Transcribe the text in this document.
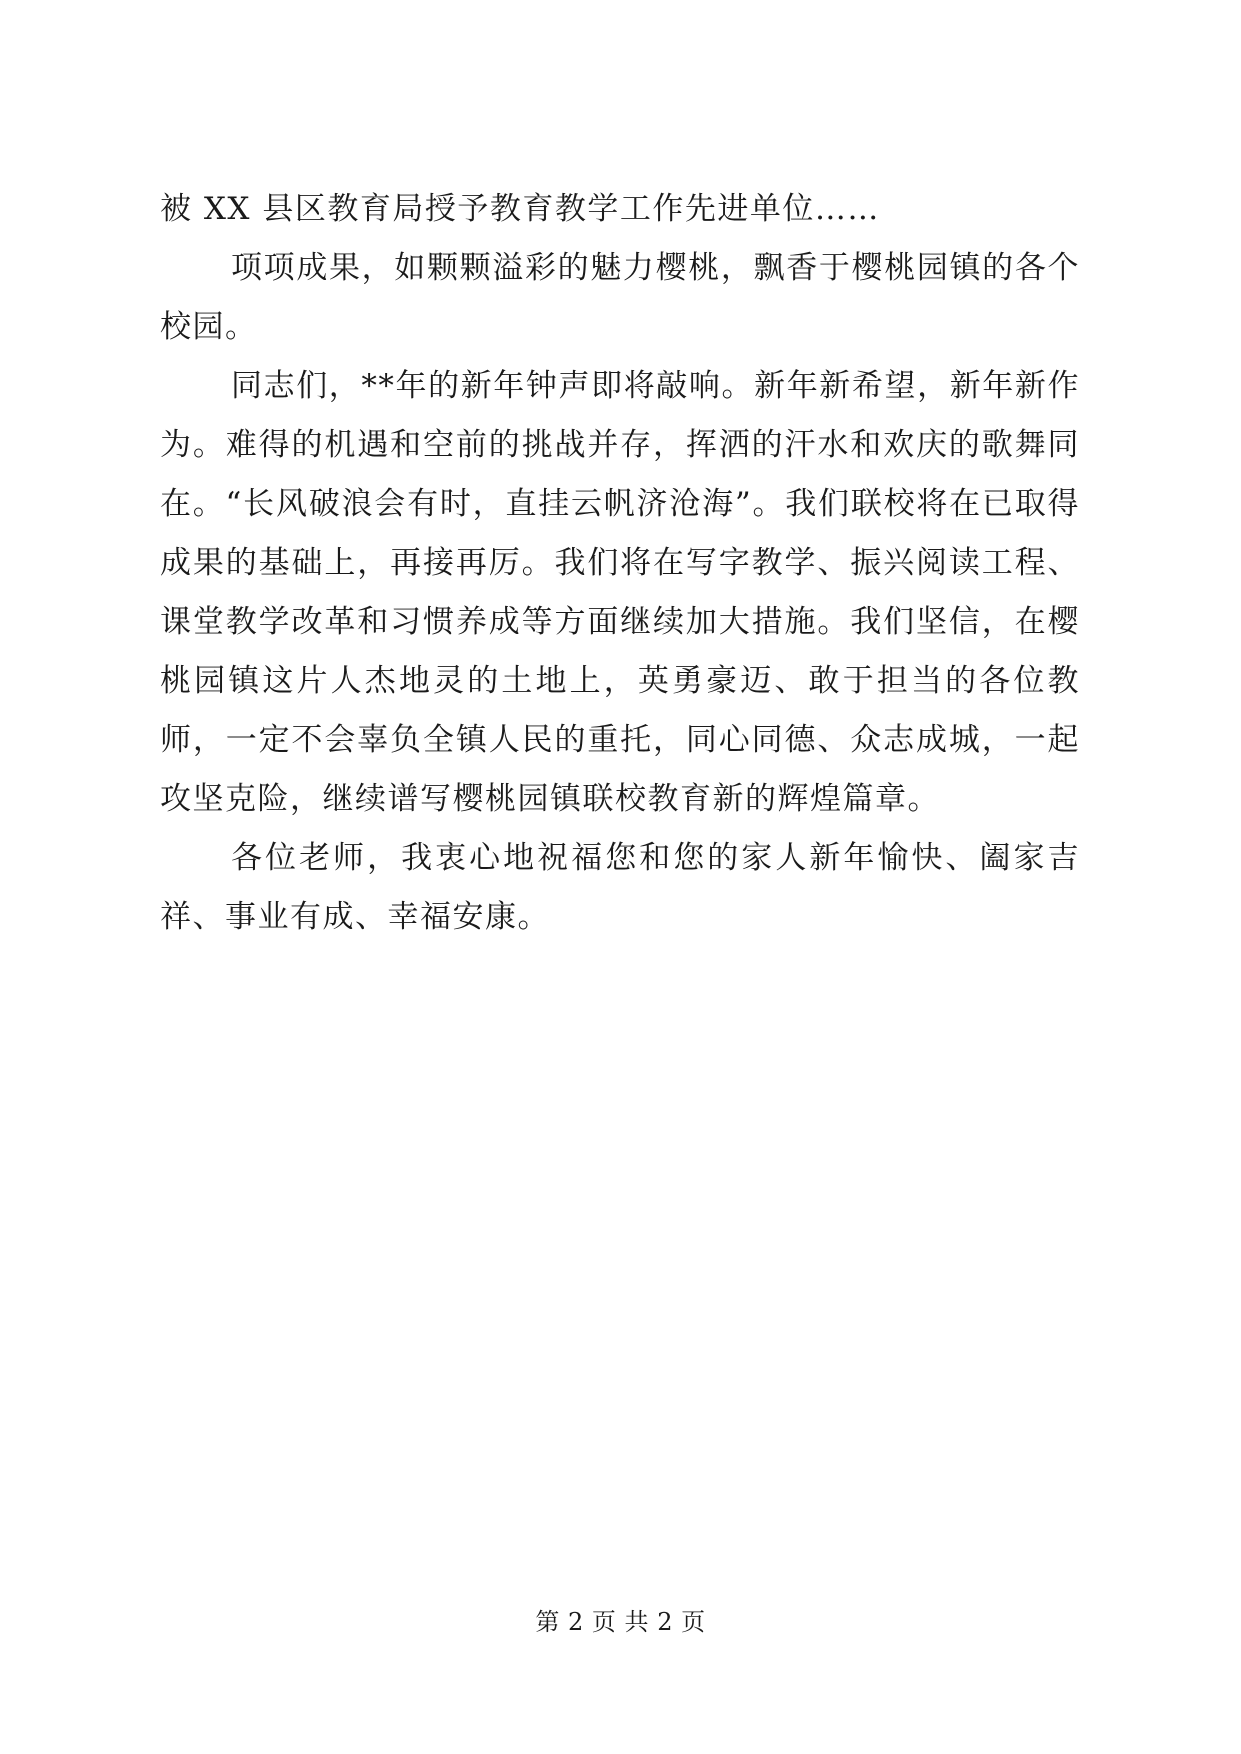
被 XX 县区教育局授予教育教学工作先进单位……

项项成果，如颗颗溢彩的魅力樱桃，飘香于樱桃园镇的各个校园。

同志们，**年的新年钟声即将敲响。新年新希望，新年新作为。难得的机遇和空前的挑战并存，挥洒的汗水和欢庆的歌舞同在。“长风破浪会有时，直挂云帆济沧海”。我们联校将在已取得成果的基础上，再接再厉。我们将在写字教学、振兴阅读工程、课堂教学改革和习惯养成等方面继续加大措施。我们坚信，在樱桃园镇这片人杰地灵的土地上，英勇豪迈、敢于担当的各位教师，一定不会辜负全镇人民的重托，同心同德、众志成城，一起攻坚克险，继续谱写樱桃园镇联校教育新的辉煌篇章。

各位老师，我衷心地祝福您和您的家人新年愉快、阖家吉祥、事业有成、幸福安康。

第 2 页 共 2 页
